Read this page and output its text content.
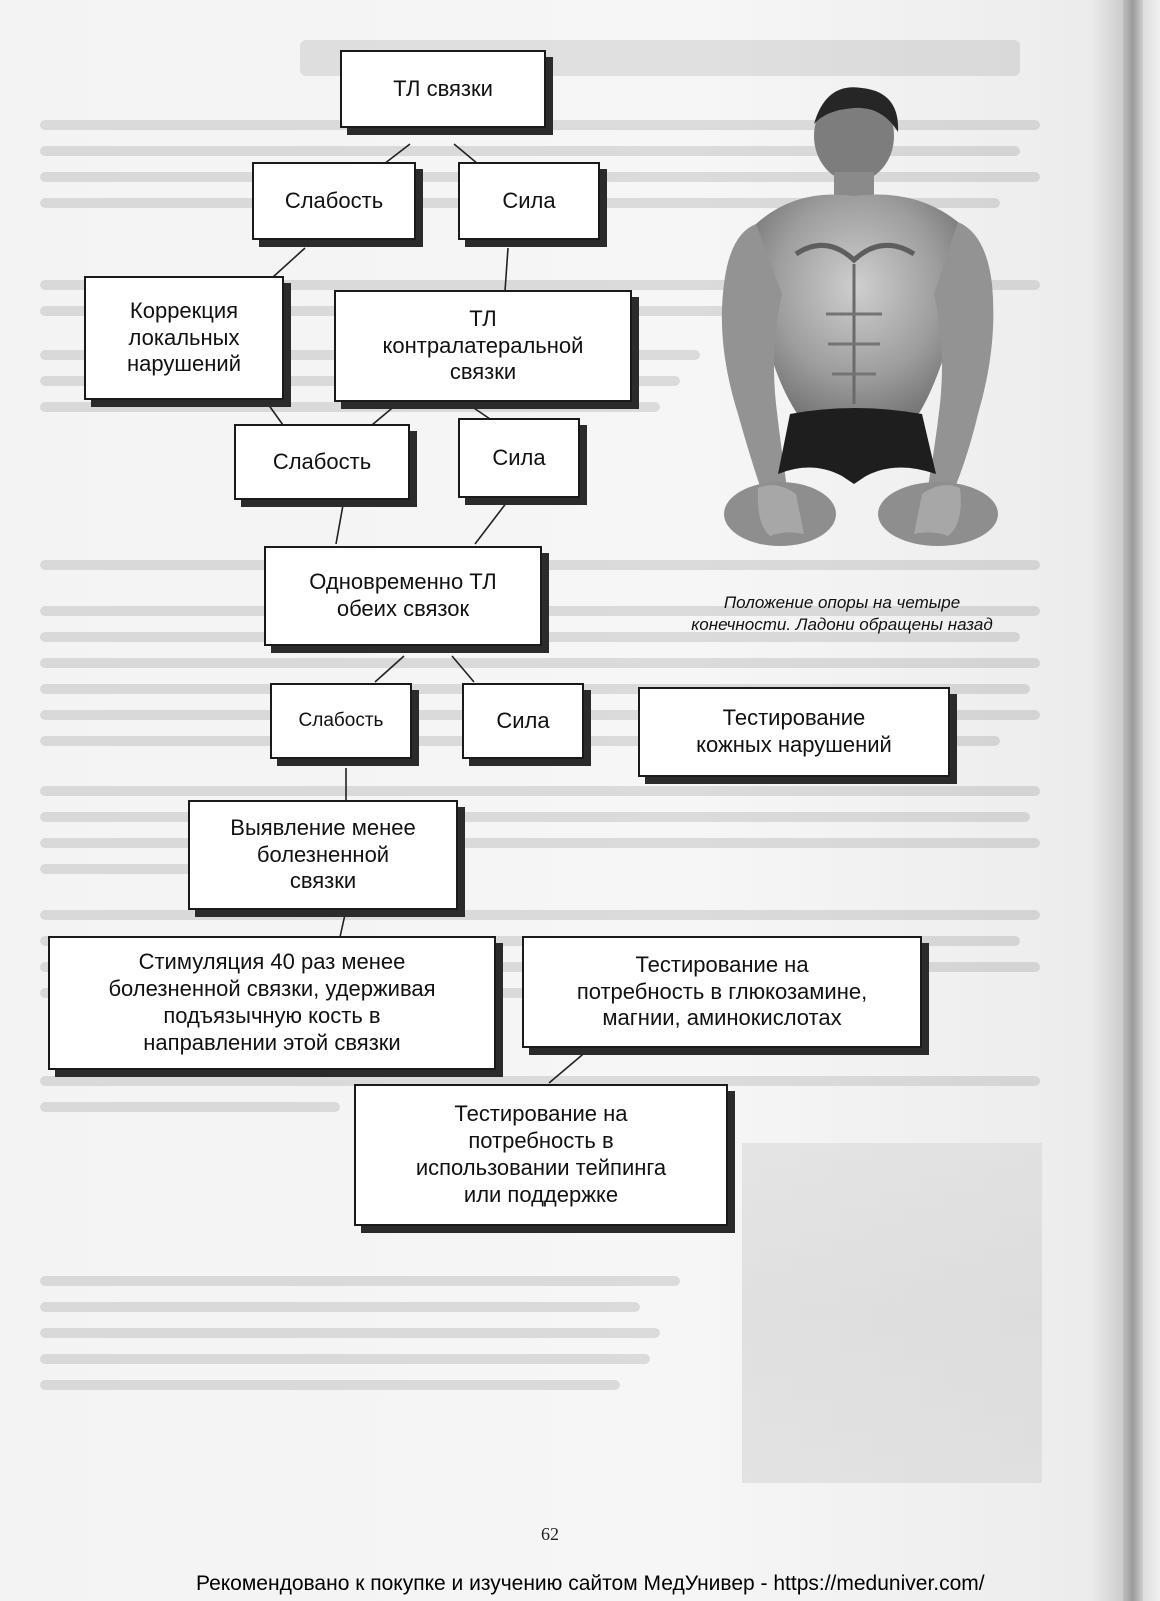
ТЛ связки
Слабость	Сила
Коррекция
локальных
нарушений
ТЛ
контралатеральной
связки
Слабость	Сила
Одновременно ТЛ
обеих связок
Слабость	Сила	Тестирование
кожных нарушений
Выявление менее
болезненной
связки
Стимуляция 40 раз менее
болезненной связки, удерживая
подъязычную кость в
направлении этой связки
Тестирование на
потребность в глюкозамине,
магнии, аминокислотах
Тестирование на
потребность в
использовании тейпинга
или поддержке
Положение опоры на четыре
конечности. Ладони обращены назад
62
Рекомендовано к покупке и изучению сайтом МедУнивер - https://meduniver.com/
